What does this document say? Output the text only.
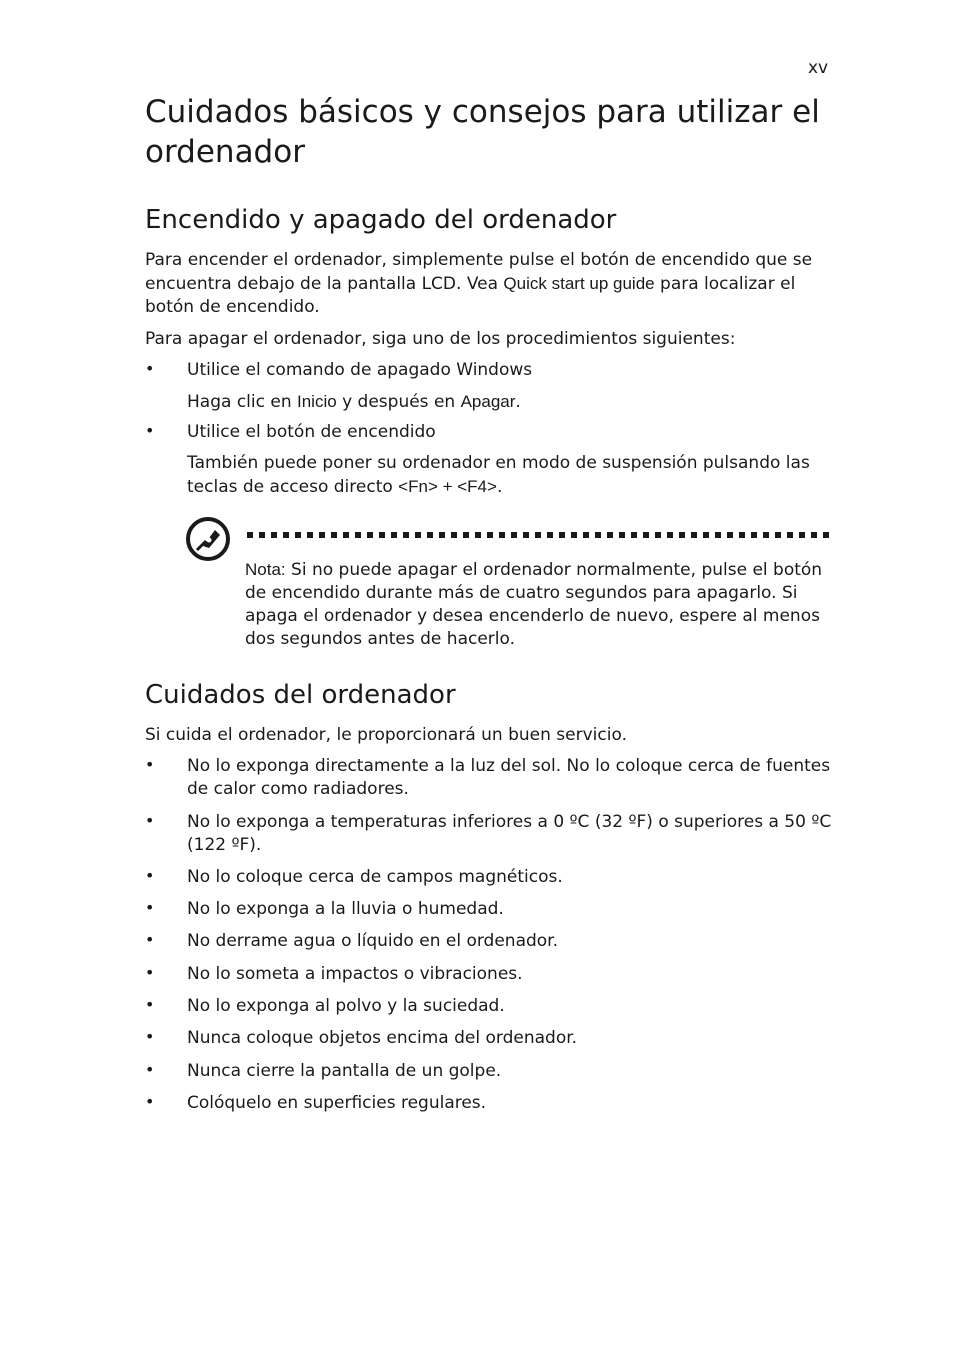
xv
Cuidados básicos y consejos para utilizar el ordenador
Encendido y apagado del ordenador

Para encender el ordenador, simplemente pulse el botón de encendido que se encuentra debajo de la pantalla LCD. Vea Quick start up guide para localizar el botón de encendido.

Para apagar el ordenador, siga uno de los procedimientos siguientes:

• Utilice el comando de apagado Windows

Haga clic en Inicio y después en Apagar.

• Utilice el botón de encendido

También puede poner su ordenador en modo de suspensión pulsando las teclas de acceso directo <Fn> + <F4>.

Nota: Si no puede apagar el ordenador normalmente, pulse el botón de encendido durante más de cuatro segundos para apagarlo. Si apaga el ordenador y desea encenderlo de nuevo, espere al menos dos segundos antes de hacerlo.

Cuidados del ordenador

Si cuida el ordenador, le proporcionará un buen servicio.

• No lo exponga directamente a la luz del sol. No lo coloque cerca de fuentes de calor como radiadores.

• No lo exponga a temperaturas inferiores a 0 ºC (32 ºF) o superiores a 50 ºC (122 ºF).

• No lo coloque cerca de campos magnéticos.

• No lo exponga a la lluvia o humedad.

• No derrame agua o líquido en el ordenador.

• No lo someta a impactos o vibraciones.

• No lo exponga al polvo y la suciedad.

• Nunca coloque objetos encima del ordenador.

• Nunca cierre la pantalla de un golpe.

• Colóquelo en superficies regulares.
